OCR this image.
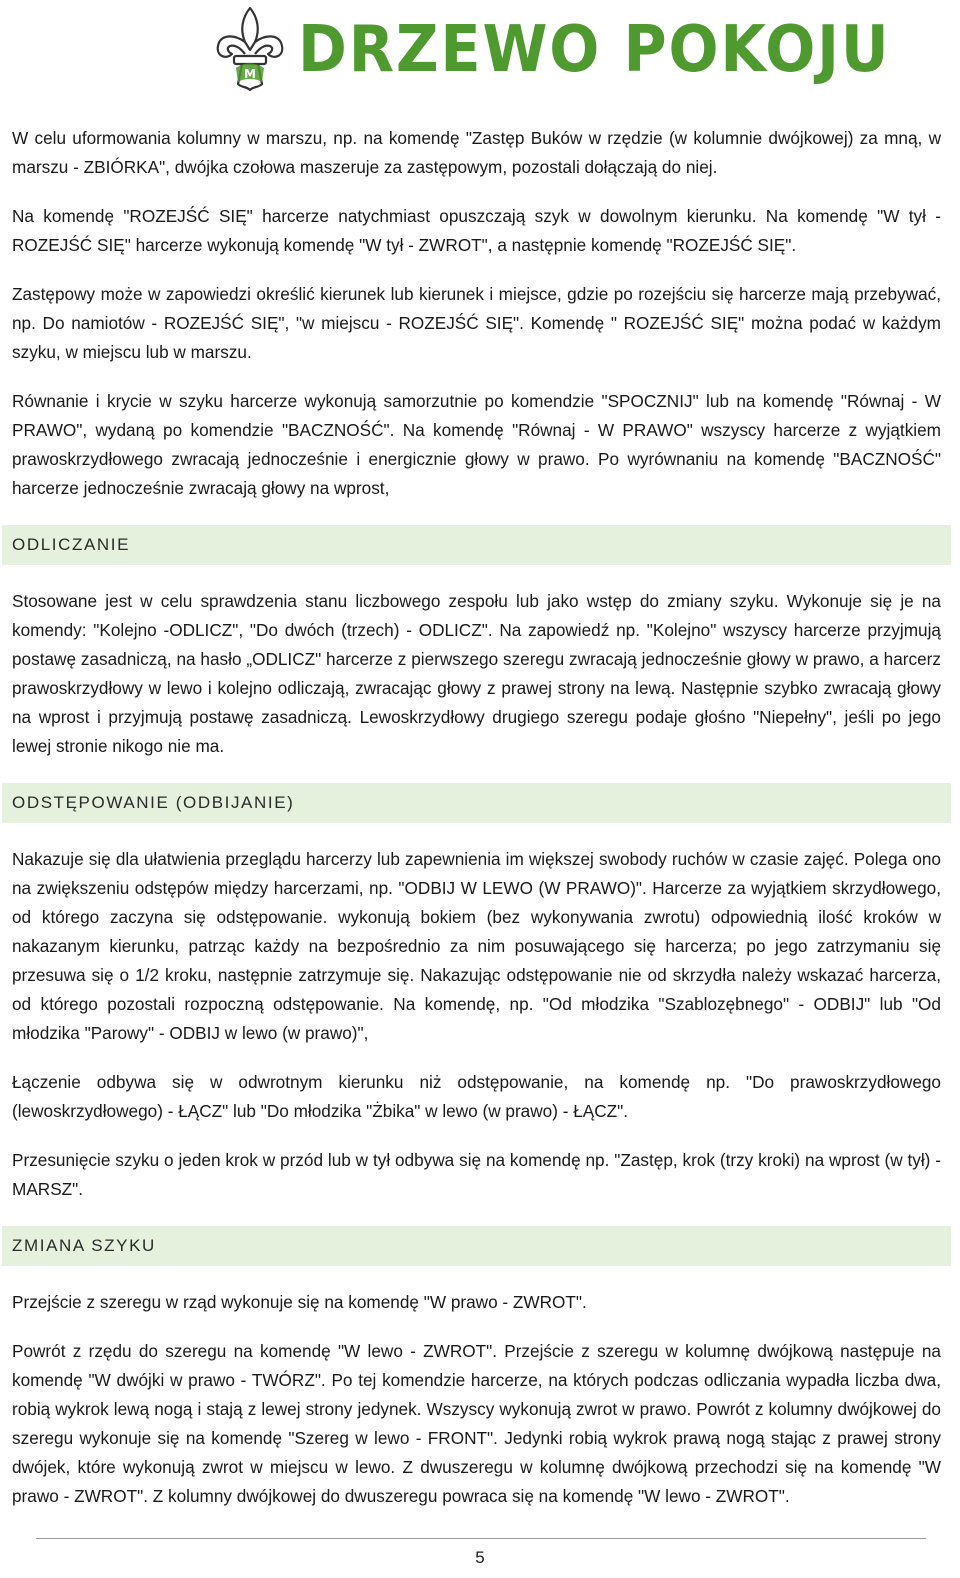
M DRZEWO POKOJU

W celu uformowania kolumny w marszu, np. na komendę "Zastęp Buków w rzędzie (w kolumnie dwójkowej) za mną, w marszu - ZBIÓRKA", dwójka czołowa maszeruje za zastępowym, pozostali dołączają do niej.

Na komendę "ROZEJŚĆ SIĘ" harcerze natychmiast opuszczają szyk w dowolnym kierunku. Na komendę "W tył - ROZEJŚĆ SIĘ" harcerze wykonują komendę "W tył - ZWROT", a następnie komendę "ROZEJŚĆ SIĘ".

Zastępowy może w zapowiedzi określić kierunek lub kierunek i miejsce, gdzie po rozejściu się harcerze mają przebywać, np. Do namiotów - ROZEJŚĆ SIĘ", "w miejscu - ROZEJŚĆ SIĘ". Komendę " ROZEJŚĆ SIĘ" można podać w każdym szyku, w miejscu lub w marszu.

Równanie i krycie w szyku harcerze wykonują samorzutnie po komendzie "SPOCZNIJ" lub na komendę "Równaj - W PRAWO", wydaną po komendzie "BACZNOŚĆ". Na komendę "Równaj - W PRAWO" wszyscy harcerze z wyjątkiem prawoskrzydłowego zwracają jednocześnie i energicznie głowy w prawo. Po wyrównaniu na komendę "BACZNOŚĆ" harcerze jednocześnie zwracają głowy na wprost,

ODLICZANIE

Stosowane jest w celu sprawdzenia stanu liczbowego zespołu lub jako wstęp do zmiany szyku. Wykonuje się je na komendy: "Kolejno -ODLICZ", "Do dwóch (trzech) - ODLICZ". Na zapowiedź np. "Kolejno" wszyscy harcerze przyjmują postawę zasadniczą, na hasło „ODLICZ" harcerze z pierwszego szeregu zwracają jednocześnie głowy w prawo, a harcerz prawoskrzydłowy w lewo i kolejno odliczają, zwracając głowy z prawej strony na lewą. Następnie szybko zwracają głowy na wprost i przyjmują postawę zasadniczą. Lewoskrzydłowy drugiego szeregu podaje głośno "Niepełny", jeśli po jego lewej stronie nikogo nie ma.

ODSTĘPOWANIE (ODBIJANIE)

Nakazuje się dla ułatwienia przeglądu harcerzy lub zapewnienia im większej swobody ruchów w czasie zajęć. Polega ono na zwiększeniu odstępów między harcerzami, np. "ODBIJ W LEWO (W PRAWO)". Harcerze za wyjątkiem skrzydłowego, od którego zaczyna się odstępowanie. wykonują bokiem (bez wykonywania zwrotu) odpowiednią ilość kroków w nakazanym kierunku, patrząc każdy na bezpośrednio za nim posuwającego się harcerza; po jego zatrzymaniu się przesuwa się o 1/2 kroku, następnie zatrzymuje się. Nakazując odstępowanie nie od skrzydła należy wskazać harcerza, od którego pozostali rozpoczną odstępowanie. Na komendę, np. "Od młodzika "Szablozębnego" - ODBIJ" lub "Od młodzika "Parowy" - ODBIJ w lewo (w prawo)",

Łączenie odbywa się w odwrotnym kierunku niż odstępowanie, na komendę np. "Do prawoskrzydłowego (lewoskrzydłowego) - ŁĄCZ" lub "Do młodzika "Żbika" w lewo (w prawo) - ŁĄCZ".

Przesunięcie szyku o jeden krok w przód lub w tył odbywa się na komendę np. "Zastęp, krok (trzy kroki) na wprost (w tył) - MARSZ".

ZMIANA SZYKU

Przejście z szeregu w rząd wykonuje się na komendę "W prawo - ZWROT".

Powrót z rzędu do szeregu na komendę "W lewo - ZWROT". Przejście z szeregu w kolumnę dwójkową następuje na komendę "W dwójki w prawo - TWÓRZ". Po tej komendzie harcerze, na których podczas odliczania wypadła liczba dwa, robią wykrok lewą nogą i stają z lewej strony jedynek. Wszyscy wykonują zwrot w prawo. Powrót z kolumny dwójkowej do szeregu wykonuje się na komendę "Szereg w lewo - FRONT". Jedynki robią wykrok prawą nogą stając z prawej strony dwójek, które wykonują zwrot w miejscu w lewo. Z dwuszeregu w kolumnę dwójkową przechodzi się na komendę "W prawo - ZWROT". Z kolumny dwójkowej do dwuszeregu powraca się na komendę "W lewo - ZWROT".

5
